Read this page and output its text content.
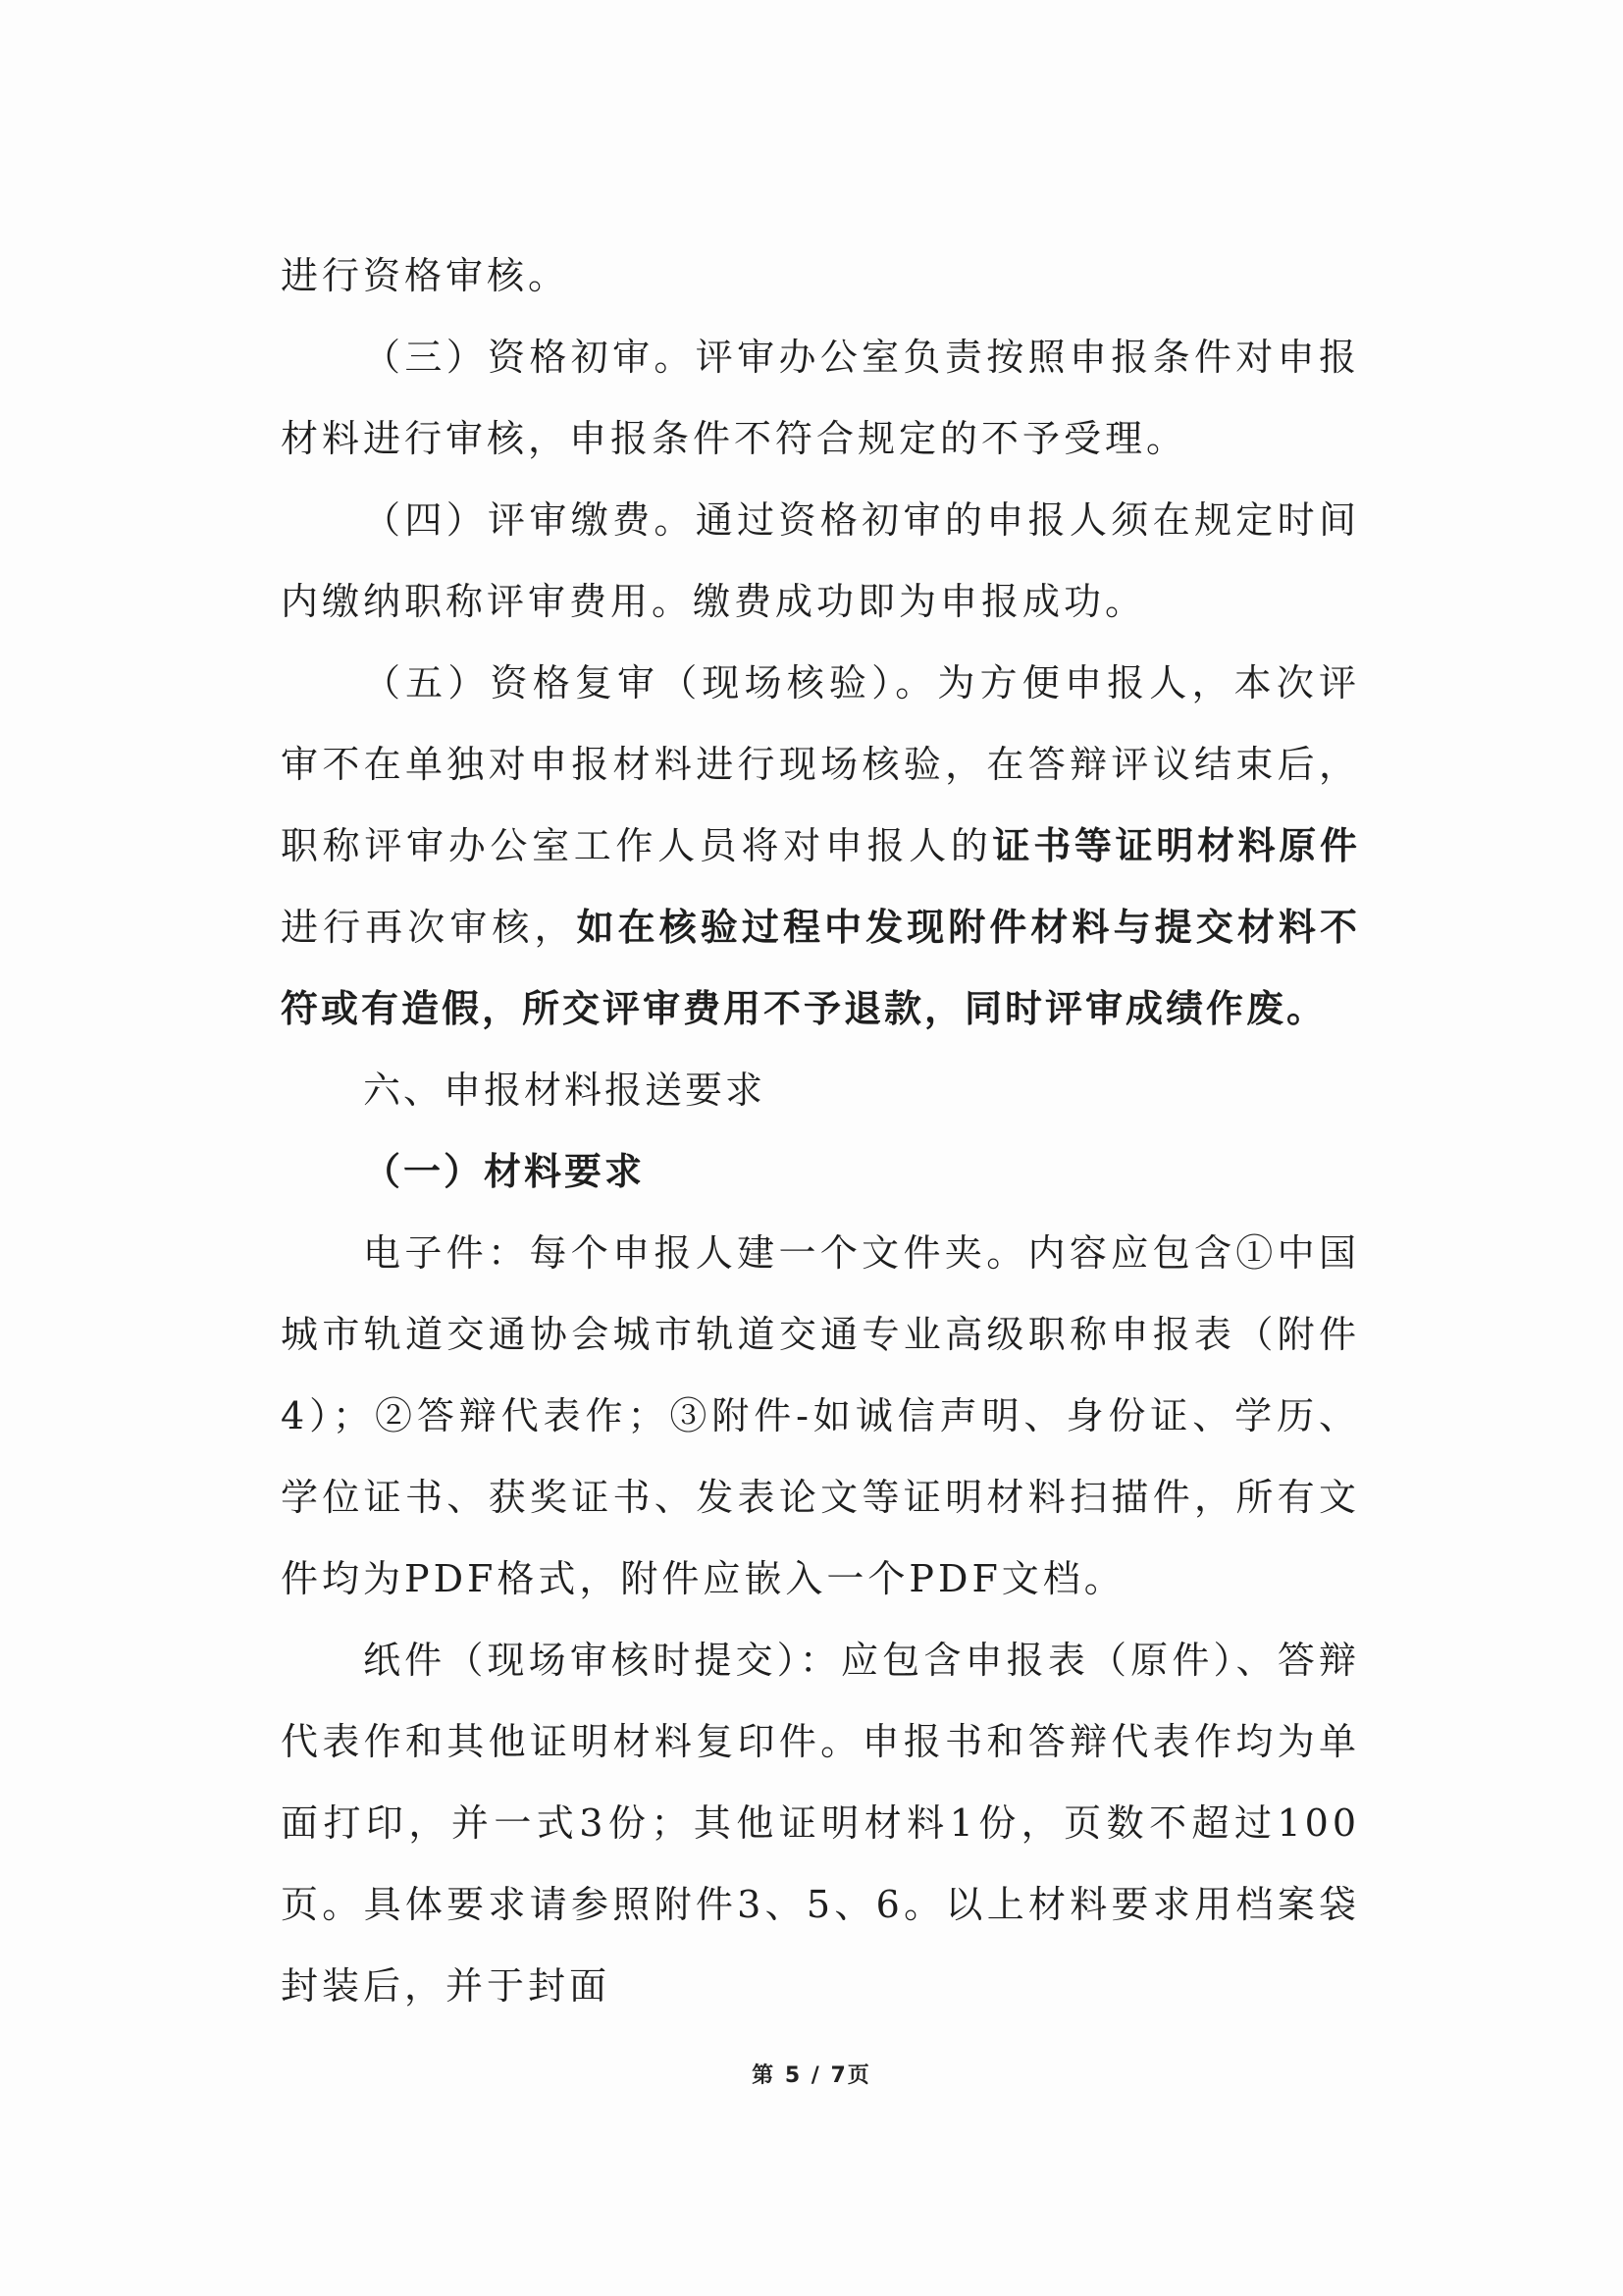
进行资格审核。

（三）资格初审。评审办公室负责按照申报条件对申报材料进行审核，申报条件不符合规定的不予受理。

（四）评审缴费。通过资格初审的申报人须在规定时间内缴纳职称评审费用。缴费成功即为申报成功。

（五）资格复审（现场核验）。为方便申报人，本次评审不在单独对申报材料进行现场核验，在答辩评议结束后，职称评审办公室工作人员将对申报人的证书等证明材料原件进行再次审核，如在核验过程中发现附件材料与提交材料不符或有造假，所交评审费用不予退款，同时评审成绩作废。

六、申报材料报送要求

（一）材料要求

电子件：每个申报人建一个文件夹。内容应包含①中国城市轨道交通协会城市轨道交通专业高级职称申报表（附件4）；②答辩代表作；③附件-如诚信声明、身份证、学历、学位证书、获奖证书、发表论文等证明材料扫描件，所有文件均为PDF格式，附件应嵌入一个PDF文档。

纸件（现场审核时提交）：应包含申报表（原件）、答辩代表作和其他证明材料复印件。申报书和答辩代表作均为单面打印，并一式3份；其他证明材料1份，页数不超过100页。具体要求请参照附件3、5、6。以上材料要求用档案袋封装后，并于封面

第 5 / 7页
